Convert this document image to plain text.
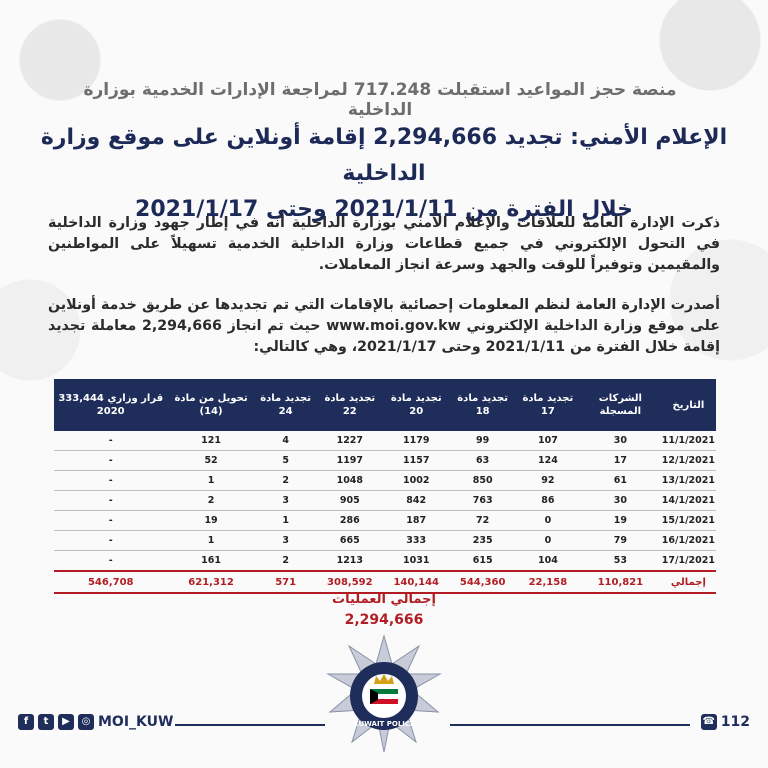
منصة حجز المواعيد استقبلت 717.248 لمراجعة الإدارات الخدمية بوزارة الداخلية
الإعلام الأمني: تجديد 2,294,666 إقامة أونلاين على موقع وزارة الداخلية
خلال الفترة من 2021/1/11 وحتى 2021/1/17
ذكرت الإدارة العامة للعلاقات والإعلام الأمني بوزارة الداخلية أنه في إطار جهود وزارة الداخلية في التحول الإلكتروني في جميع قطاعات وزارة الداخلية الخدمية تسهيلاً على المواطنين والمقيمين وتوفيراً للوقت والجهد وسرعة انجاز المعاملات.
أصدرت الإدارة العامة لنظم المعلومات إحصائية بالإقامات التي تم تجديدها عن طريق خدمة أونلاين على موقع وزارة الداخلية الإلكتروني www.moi.gov.kw حيث تم انجاز 2,294,666 معاملة تجديد إقامة خلال الفترة من 2021/1/11 وحتى 2021/1/17، وهي كالتالي:
التاريخ	الشركات المسجلة	تجديد مادة 17	تجديد مادة 18	تجديد مادة 20	تجديد مادة 22	تجديد مادة 24	تحويل من مادة (14)	قرار وزاري 333,444 2020
11/1/2021	30	107	99	1179	1227	4	121	-
12/1/2021	17	124	63	1157	1197	5	52	-
13/1/2021	61	92	850	1002	1048	2	1	-
14/1/2021	30	86	763	842	905	3	2	-
15/1/2021	19	0	72	187	286	1	19	-
16/1/2021	79	0	235	333	665	3	1	-
17/1/2021	53	104	615	1031	1213	2	161	-
إجمالي	110,821	22,158	544,360	140,144	308,592	571	621,312	546,708
إجمالي العمليات
2,294,666
KUWAIT POLICE
f	t	▶	◎ MOI_KUW	☎ 112
